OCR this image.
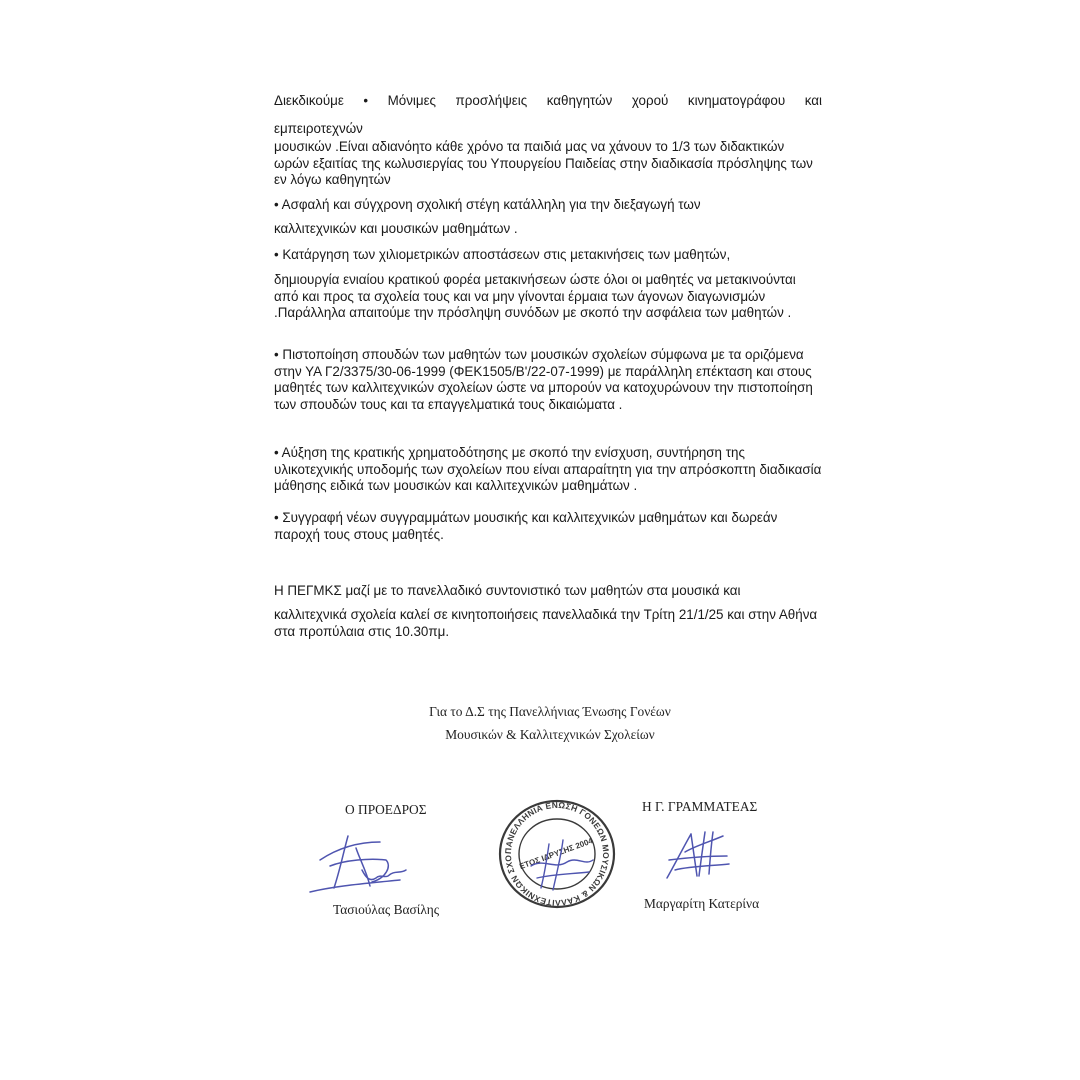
Διεκδικούμε • Μόνιμες προσλήψεις καθηγητών χορού κινηματογράφου και

εμπειροτεχνών

μουσικών .Είναι αδιανόητο κάθε χρόνο τα παιδιά μας να χάνουν το 1/3 των διδακτικών ωρών εξαιτίας της κωλυσιεργίας του Υπουργείου Παιδείας στην διαδικασία πρόσληψης των εν λόγω καθηγητών

• Ασφαλή και σύγχρονη σχολική στέγη κατάλληλη για την διεξαγωγή των

καλλιτεχνικών και μουσικών μαθημάτων .

• Κατάργηση των χιλιομετρικών αποστάσεων στις μετακινήσεις των μαθητών,

δημιουργία ενιαίου κρατικού φορέα μετακινήσεων ώστε όλοι οι μαθητές να μετακινούνται από και προς τα σχολεία τους και να μην γίνονται έρμαια των άγονων διαγωνισμών .Παράλληλα απαιτούμε την πρόσληψη συνόδων με σκοπό την ασφάλεια των μαθητών .

• Πιστοποίηση σπουδών των μαθητών των μουσικών σχολείων σύμφωνα με τα οριζόμενα στην ΥΑ Γ2/3375/30-06-1999 (ΦΕΚ1505/Β'/22-07-1999) με παράλληλη επέκταση και στους μαθητές των καλλιτεχνικών σχολείων ώστε να μπορούν να κατοχυρώνουν την πιστοποίηση των σπουδών τους και τα επαγγελματικά τους δικαιώματα .

• Αύξηση της κρατικής χρηματοδότησης με σκοπό την ενίσχυση, συντήρηση της υλικοτεχνικής υποδομής των σχολείων που είναι απαραίτητη για την απρόσκοπτη διαδικασία μάθησης ειδικά των μουσικών και καλλιτεχνικών μαθημάτων .

• Συγγραφή νέων συγγραμμάτων μουσικής και καλλιτεχνικών μαθημάτων και δωρεάν παροχή τους στους μαθητές.

Η ΠΕΓΜΚΣ μαζί με το πανελλαδικό συντονιστικό των μαθητών στα μουσικά και

καλλιτεχνικά σχολεία καλεί σε κινητοποιήσεις πανελλαδικά την Τρίτη 21/1/25 και στην Αθήνα στα προπύλαια στις 10.30πμ.

Για το Δ.Σ της Πανελλήνιας Ένωσης Γονέων

Μουσικών & Καλλιτεχνικών Σχολείων

Ο ΠΡΟΕΔΡΟΣ

Τασιούλας Βασίλης

ΠΑΝΕΛΛΗΝΙΑ ΕΝΩΣΗ ΓΟΝΕΩΝ ΜΟΥΣΙΚΩΝ & ΚΑΛΛΙΤΕΧΝΙΚΩΝ ΣΧΟΛΕΙΩΝ
ΕΤΟΣ ΙΔΡΥΣΗΣ 2004

Η Γ. ΓΡΑΜΜΑΤΕΑΣ

Μαργαρίτη Κατερίνα
